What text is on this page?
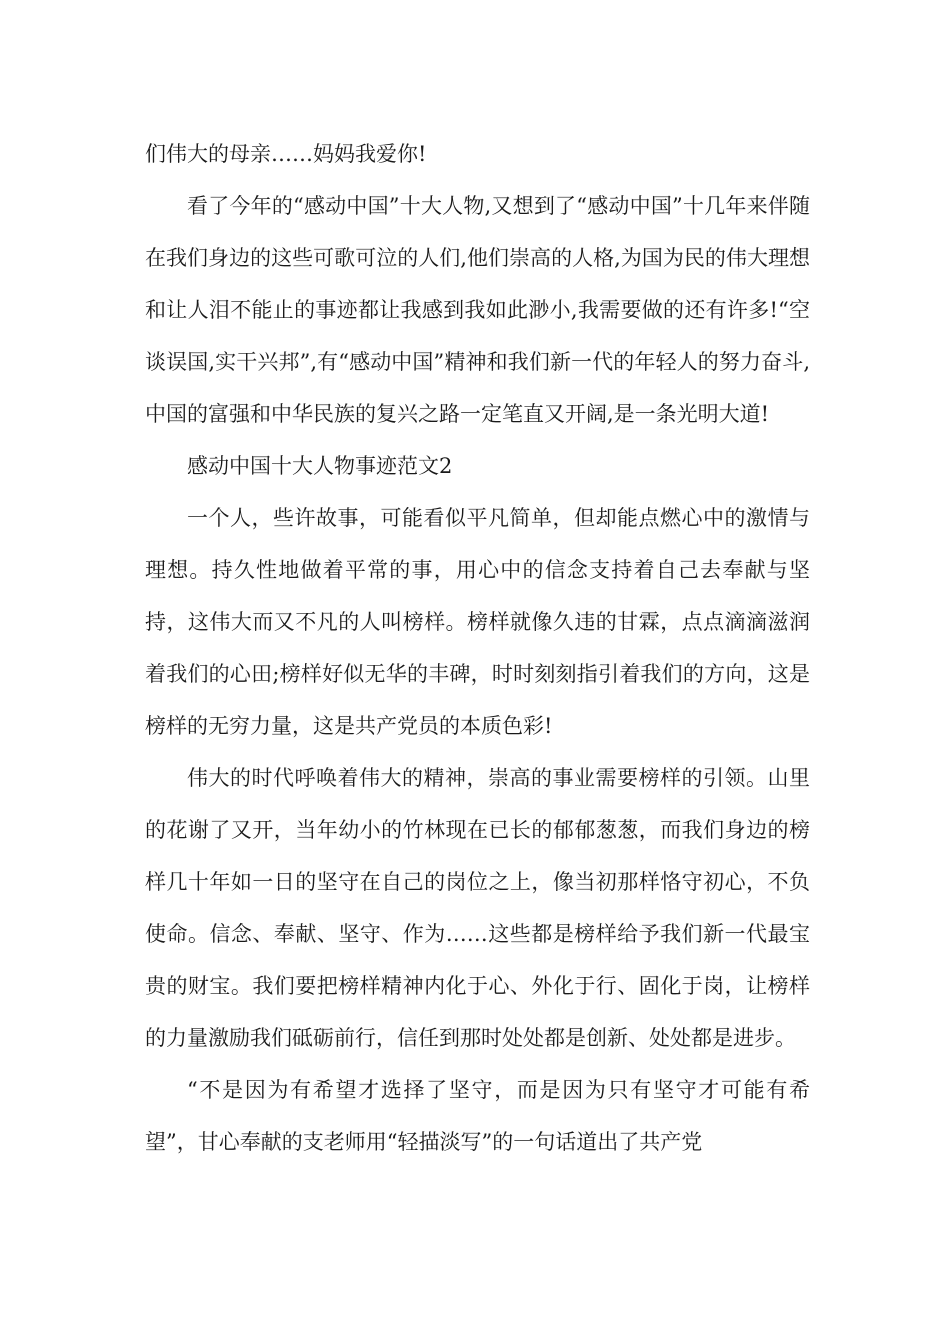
们伟大的母亲……妈妈我爱你!

看了今年的“感动中国”十大人物,又想到了“感动中国”十几年来伴随在我们身边的这些可歌可泣的人们,他们崇高的人格,为国为民的伟大理想和让人泪不能止的事迹都让我感到我如此渺小,我需要做的还有许多!“空谈误国,实干兴邦”,有“感动中国”精神和我们新一代的年轻人的努力奋斗,中国的富强和中华民族的复兴之路一定笔直又开阔,是一条光明大道!

感动中国十大人物事迹范文2

一个人，些许故事，可能看似平凡简单，但却能点燃心中的激情与理想。持久性地做着平常的事，用心中的信念支持着自己去奉献与坚持，这伟大而又不凡的人叫榜样。榜样就像久违的甘霖，点点滴滴滋润着我们的心田;榜样好似无华的丰碑，时时刻刻指引着我们的方向，这是榜样的无穷力量，这是共产党员的本质色彩!

伟大的时代呼唤着伟大的精神，崇高的事业需要榜样的引领。山里的花谢了又开，当年幼小的竹林现在已长的郁郁葱葱，而我们身边的榜样几十年如一日的坚守在自己的岗位之上，像当初那样恪守初心，不负使命。信念、奉献、坚守、作为……这些都是榜样给予我们新一代最宝贵的财宝。我们要把榜样精神内化于心、外化于行、固化于岗，让榜样的力量激励我们砥砺前行，信任到那时处处都是创新、处处都是进步。

“不是因为有希望才选择了坚守，而是因为只有坚守才可能有希望”，甘心奉献的支老师用“轻描淡写”的一句话道出了共产党
